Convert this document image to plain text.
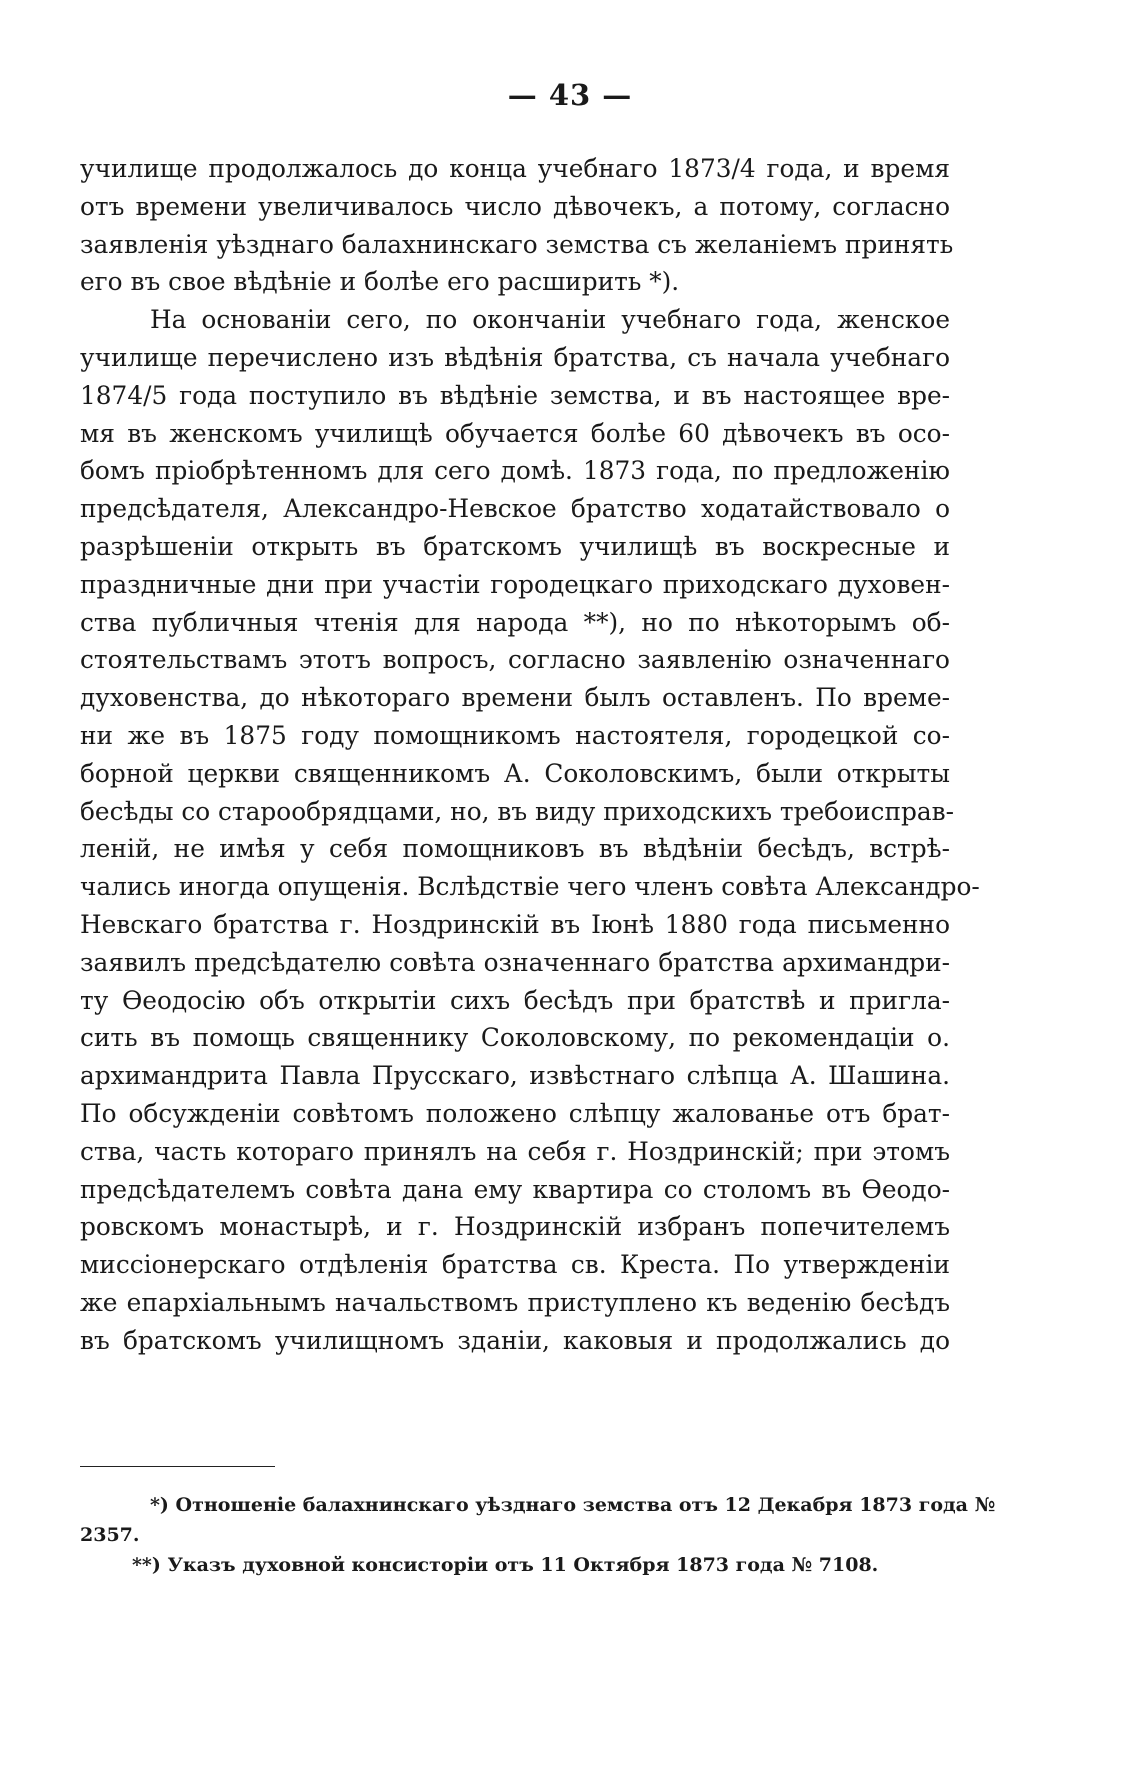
— 43 —
училище продолжалось до конца учебнаго 1873/4 года, и время
отъ времени увеличивалось число дѣвочекъ, а потому, согласно
заявленія уѣзднаго балахнинскаго земства съ желаніемъ принять
его въ свое вѣдѣніе и болѣе его расширить *).
На основаніи сего, по окончаніи учебнаго года, женское
училище перечислено изъ вѣдѣнія братства, съ начала учебнаго
1874/5 года поступило въ вѣдѣніе земства, и въ настоящее вре-
мя въ женскомъ училищѣ обучается болѣе 60 дѣвочекъ въ осо-
бомъ пріобрѣтенномъ для сего домѣ. 1873 года, по предложенію
предсѣдателя, Александро-Невское братство ходатайствовало о
разрѣшеніи открыть въ братскомъ училищѣ въ воскресные и
праздничные дни при участіи городецкаго приходскаго духовен-
ства публичныя чтенія для народа **), но по нѣкоторымъ об-
стоятельствамъ этотъ вопросъ, согласно заявленію означеннаго
духовенства, до нѣкотораго времени былъ оставленъ. По време-
ни же въ 1875 году помощникомъ настоятеля, городецкой со-
борной церкви священникомъ А. Соколовскимъ, были открыты
бесѣды со старообрядцами, но, въ виду приходскихъ требоисправ-
леній, не имѣя у себя помощниковъ въ вѣдѣніи бесѣдъ, встрѣ-
чались иногда опущенія. Вслѣдствіе чего членъ совѣта Александро-
Невскаго братства г. Ноздринскій въ Іюнѣ 1880 года письменно
заявилъ предсѣдателю совѣта означеннаго братства архимандри-
ту Ѳеодосію объ открытіи сихъ бесѣдъ при братствѣ и пригла-
сить въ помощь священнику Соколовскому, по рекомендаціи о.
архимандрита Павла Прусскаго, извѣстнаго слѣпца А. Шашина.
По обсужденіи совѣтомъ положено слѣпцу жалованье отъ брат-
ства, часть котораго принялъ на себя г. Ноздринскій; при этомъ
предсѣдателемъ совѣта дана ему квартира со столомъ въ Ѳеодо-
ровскомъ монастырѣ, и г. Ноздринскій избранъ попечителемъ
миссіонерскаго отдѣленія братства св. Креста. По утвержденіи
же епархіальнымъ начальствомъ приступлено къ веденію бесѣдъ
въ братскомъ училищномъ зданіи, каковыя и продолжались до
*) Отношеніе балахнинскаго уѣзднаго земства отъ 12 Декабря 1873 года №
2357.
**) Указъ духовной консисторіи отъ 11 Октября 1873 года № 7108.
